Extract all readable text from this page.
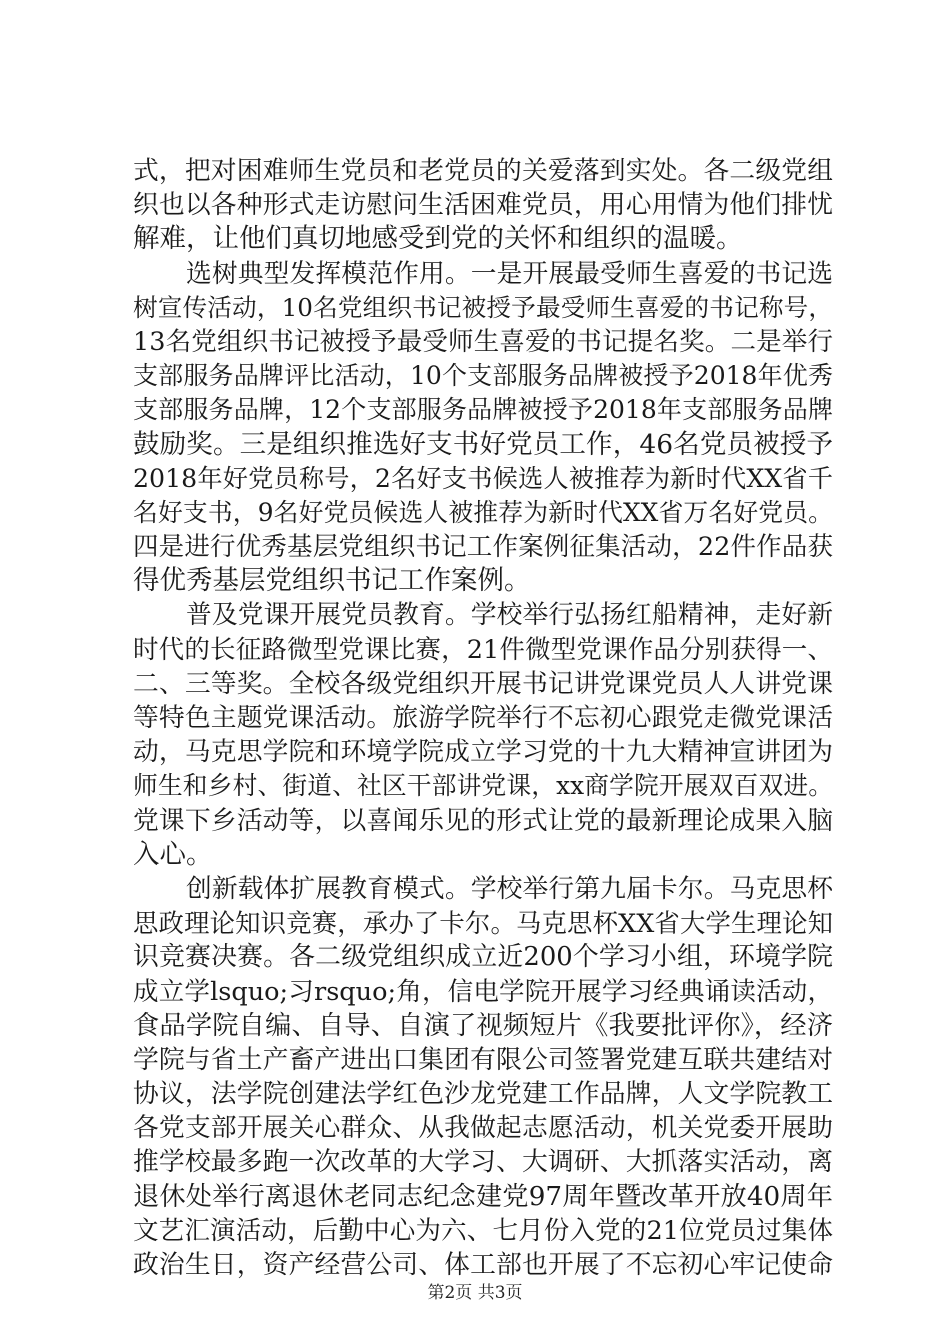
式，把对困难师生党员和老党员的关爱落到实处。各二级党组
织也以各种形式走访慰问生活困难党员，用心用情为他们排忧
解难，让他们真切地感受到党的关怀和组织的温暖。
选树典型发挥模范作用。一是开展最受师生喜爱的书记选
树宣传活动，10名党组织书记被授予最受师生喜爱的书记称号，
13名党组织书记被授予最受师生喜爱的书记提名奖。二是举行
支部服务品牌评比活动，10个支部服务品牌被授予2018年优秀
支部服务品牌，12个支部服务品牌被授予2018年支部服务品牌
鼓励奖。三是组织推选好支书好党员工作，46名党员被授予
2018年好党员称号，2名好支书候选人被推荐为新时代XX省千
名好支书，9名好党员候选人被推荐为新时代XX省万名好党员。
四是进行优秀基层党组织书记工作案例征集活动，22件作品获
得优秀基层党组织书记工作案例。
普及党课开展党员教育。学校举行弘扬红船精神，走好新
时代的长征路微型党课比赛，21件微型党课作品分别获得一、
二、三等奖。全校各级党组织开展书记讲党课党员人人讲党课
等特色主题党课活动。旅游学院举行不忘初心跟党走微党课活
动，马克思学院和环境学院成立学习党的十九大精神宣讲团为
师生和乡村、街道、社区干部讲党课，xx商学院开展双百双进。
党课下乡活动等，以喜闻乐见的形式让党的最新理论成果入脑
入心。
创新载体扩展教育模式。学校举行第九届卡尔。马克思杯
思政理论知识竞赛，承办了卡尔。马克思杯XX省大学生理论知
识竞赛决赛。各二级党组织成立近200个学习小组，环境学院
成立学lsquo;习rsquo;角，信电学院开展学习经典诵读活动，
食品学院自编、自导、自演了视频短片《我要批评你》，经济
学院与省土产畜产进出口集团有限公司签署党建互联共建结对
协议，法学院创建法学红色沙龙党建工作品牌，人文学院教工
各党支部开展关心群众、从我做起志愿活动，机关党委开展助
推学校最多跑一次改革的大学习、大调研、大抓落实活动，离
退休处举行离退休老同志纪念建党97周年暨改革开放40周年
文艺汇演活动，后勤中心为六、七月份入党的21位党员过集体
政治生日，资产经营公司、体工部也开展了不忘初心牢记使命
第2页 共3页
